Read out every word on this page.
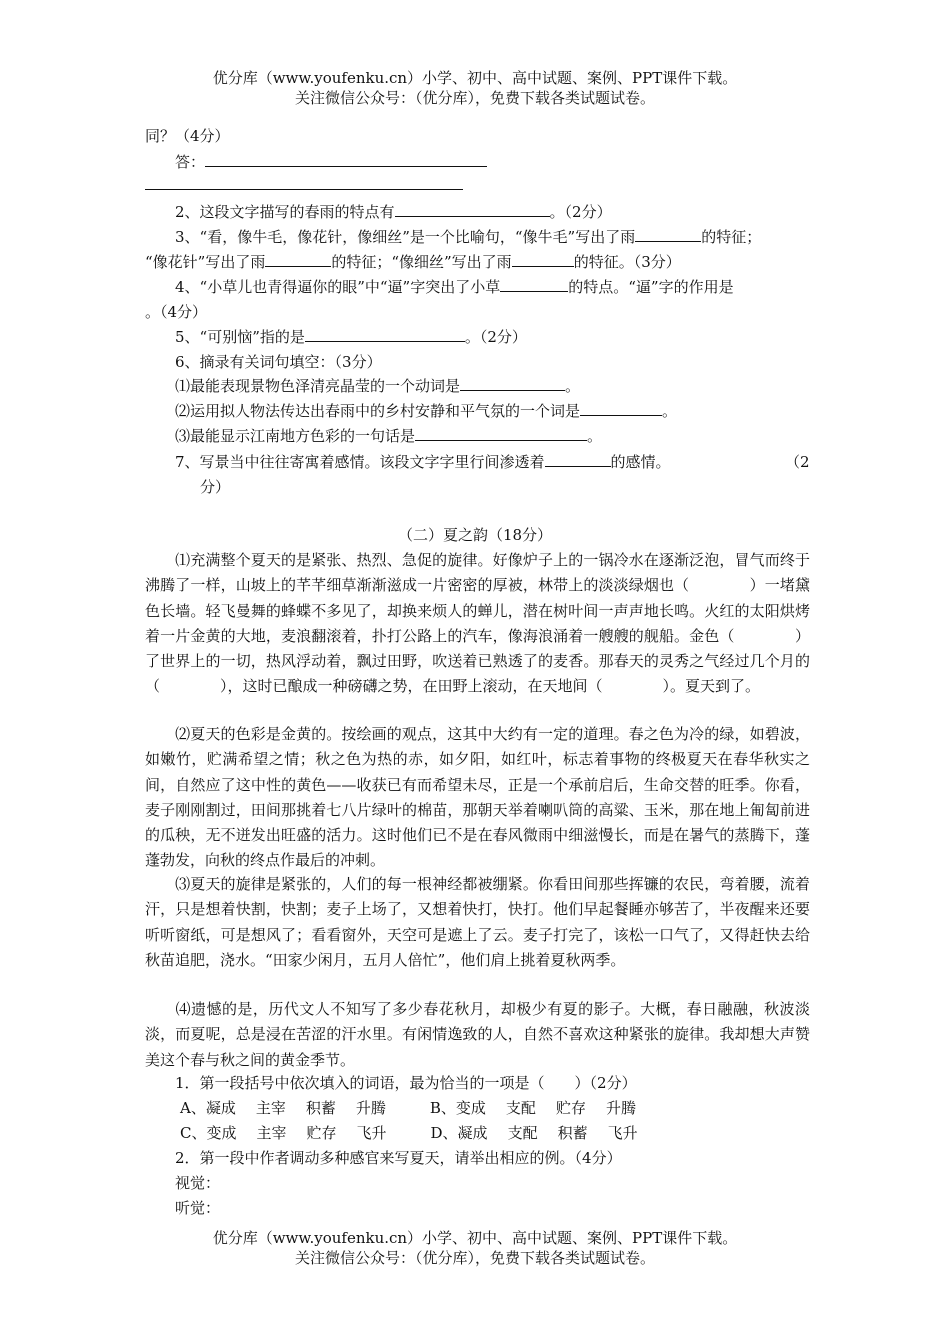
优分库（www.youfenku.cn）小学、初中、高中试题、案例、PPT课件下载。
关注微信公众号：（优分库），免费下载各类试题试卷。
同？（4分）
答：
2、这段文字描写的春雨的特点有	。（2分）
3、“看，像牛毛，像花针，像细丝”是一个比喻句，“像牛毛”写出了雨	的特征；
“像花针”写出了雨	的特征；“像细丝”写出了雨	的特征。（3分）
4、“小草儿也青得逼你的眼”中“逼”字突出了小草	的特点。“逼”字的作用是
。（4分）
5、“可别恼”指的是	。（2分）
6、摘录有关词句填空：（3分）
⑴最能表现景物色泽清亮晶莹的一个动词是	。
⑵运用拟人物法传达出春雨中的乡村安静和平气氛的一个词是	。
⑶最能显示江南地方色彩的一句话是	。
7、写景当中往往寄寓着感情。该段文字字里行间渗透着	的感情。	（2
分）
（二）夏之韵（18分）

⑴充满整个夏天的是紧张、热烈、急促的旋律。好像炉子上的一锅冷水在逐渐泛泡，冒气而终于沸腾了一样，山坡上的芊芊细草渐渐滋成一片密密的厚被，林带上的淡淡绿烟也（　　　　）一堵黛色长墙。轻飞曼舞的蜂蝶不多见了，却换来烦人的蝉儿，潜在树叶间一声声地长鸣。火红的太阳烘烤着一片金黄的大地，麦浪翻滚着，扑打公路上的汽车，像海浪涌着一艘艘的舰船。金色（　　　　）了世界上的一切，热风浮动着，飘过田野，吹送着已熟透了的麦香。那春天的灵秀之气经过几个月的（　　　　），这时已酿成一种磅礴之势，在田野上滚动，在天地间（　　　　）。夏天到了。

⑵夏天的色彩是金黄的。按绘画的观点，这其中大约有一定的道理。春之色为冷的绿，如碧波，如嫩竹，贮满希望之情；秋之色为热的赤，如夕阳，如红叶，标志着事物的终极夏天在春华秋实之间，自然应了这中性的黄色——收获已有而希望未尽，正是一个承前启后，生命交替的旺季。你看，麦子刚刚割过，田间那挑着七八片绿叶的棉苗，那朝天举着喇叭筒的高粱、玉米，那在地上匍匐前进的瓜秧，无不迸发出旺盛的活力。这时他们已不是在春风微雨中细滋慢长，而是在暑气的蒸腾下，蓬蓬勃发，向秋的终点作最后的冲刺。

⑶夏天的旋律是紧张的，人们的每一根神经都被绷紧。你看田间那些挥镰的农民，弯着腰，流着汗，只是想着快割，快割；麦子上场了，又想着快打，快打。他们早起餐睡亦够苦了，半夜醒来还要听听窗纸，可是想风了；看看窗外，天空可是遮上了云。麦子打完了，该松一口气了，又得赶快去给秋苗追肥，浇水。“田家少闲月，五月人倍忙”，他们肩上挑着夏秋两季。

⑷遗憾的是，历代文人不知写了多少春花秋月，却极少有夏的影子。大概，春日融融，秋波淡淡，而夏呢，总是浸在苦涩的汗水里。有闲情逸致的人，自然不喜欢这种紧张的旋律。我却想大声赞美这个春与秋之间的黄金季节。

1．第一段括号中依次填入的词语，最为恰当的一项是（　　）（2分）
A、凝成 主宰 积蓄 升腾	B、变成 支配 贮存 升腾
C、变成 主宰 贮存 飞升	D、凝成 支配 积蓄 飞升
2．第一段中作者调动多种感官来写夏天，请举出相应的例。（4分）
视觉：
听觉：
优分库（www.youfenku.cn）小学、初中、高中试题、案例、PPT课件下载。
关注微信公众号：（优分库），免费下载各类试题试卷。
